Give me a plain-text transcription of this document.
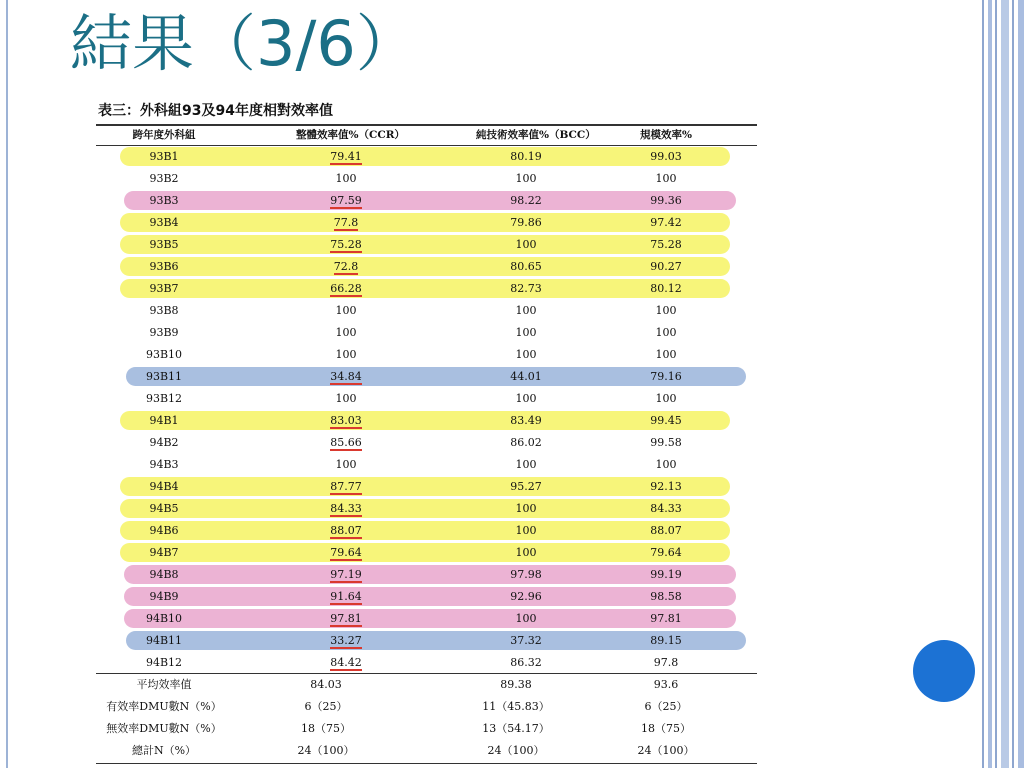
結果（3/6）
表三：外科組93及94年度相對效率值
跨年度外科組	整體效率值%（CCR）	純技術效率值%（BCC）	規模效率%
93B1	79.41	80.19	99.03
93B2	100	100	100
93B3	97.59	98.22	99.36
93B4	77.8	79.86	97.42
93B5	75.28	100	75.28
93B6	72.8	80.65	90.27
93B7	66.28	82.73	80.12
93B8	100	100	100
93B9	100	100	100
93B10	100	100	100
93B11	34.84	44.01	79.16
93B12	100	100	100
94B1	83.03	83.49	99.45
94B2	85.66	86.02	99.58
94B3	100	100	100
94B4	87.77	95.27	92.13
94B5	84.33	100	84.33
94B6	88.07	100	88.07
94B7	79.64	100	79.64
94B8	97.19	97.98	99.19
94B9	91.64	92.96	98.58
94B10	97.81	100	97.81
94B11	33.27	37.32	89.15
94B12	84.42	86.32	97.8
平均效率值	84.03	89.38	93.6
有效率DMU數N（%）	6（25）	11（45.83）	6（25）
無效率DMU數N（%）	18（75）	13（54.17）	18（75）
總計N（%）	24（100）	24（100）	24（100）
